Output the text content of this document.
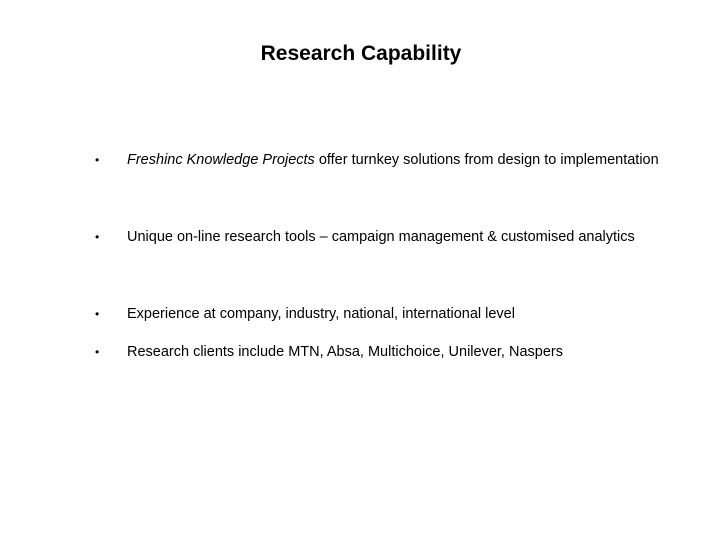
Research Capability
• Freshinc Knowledge Projects offer turnkey solutions from design to implementation
• Unique on-line research tools – campaign management & customised analytics
• Experience at company, industry, national, international level
• Research clients include MTN, Absa, Multichoice, Unilever, Naspers
